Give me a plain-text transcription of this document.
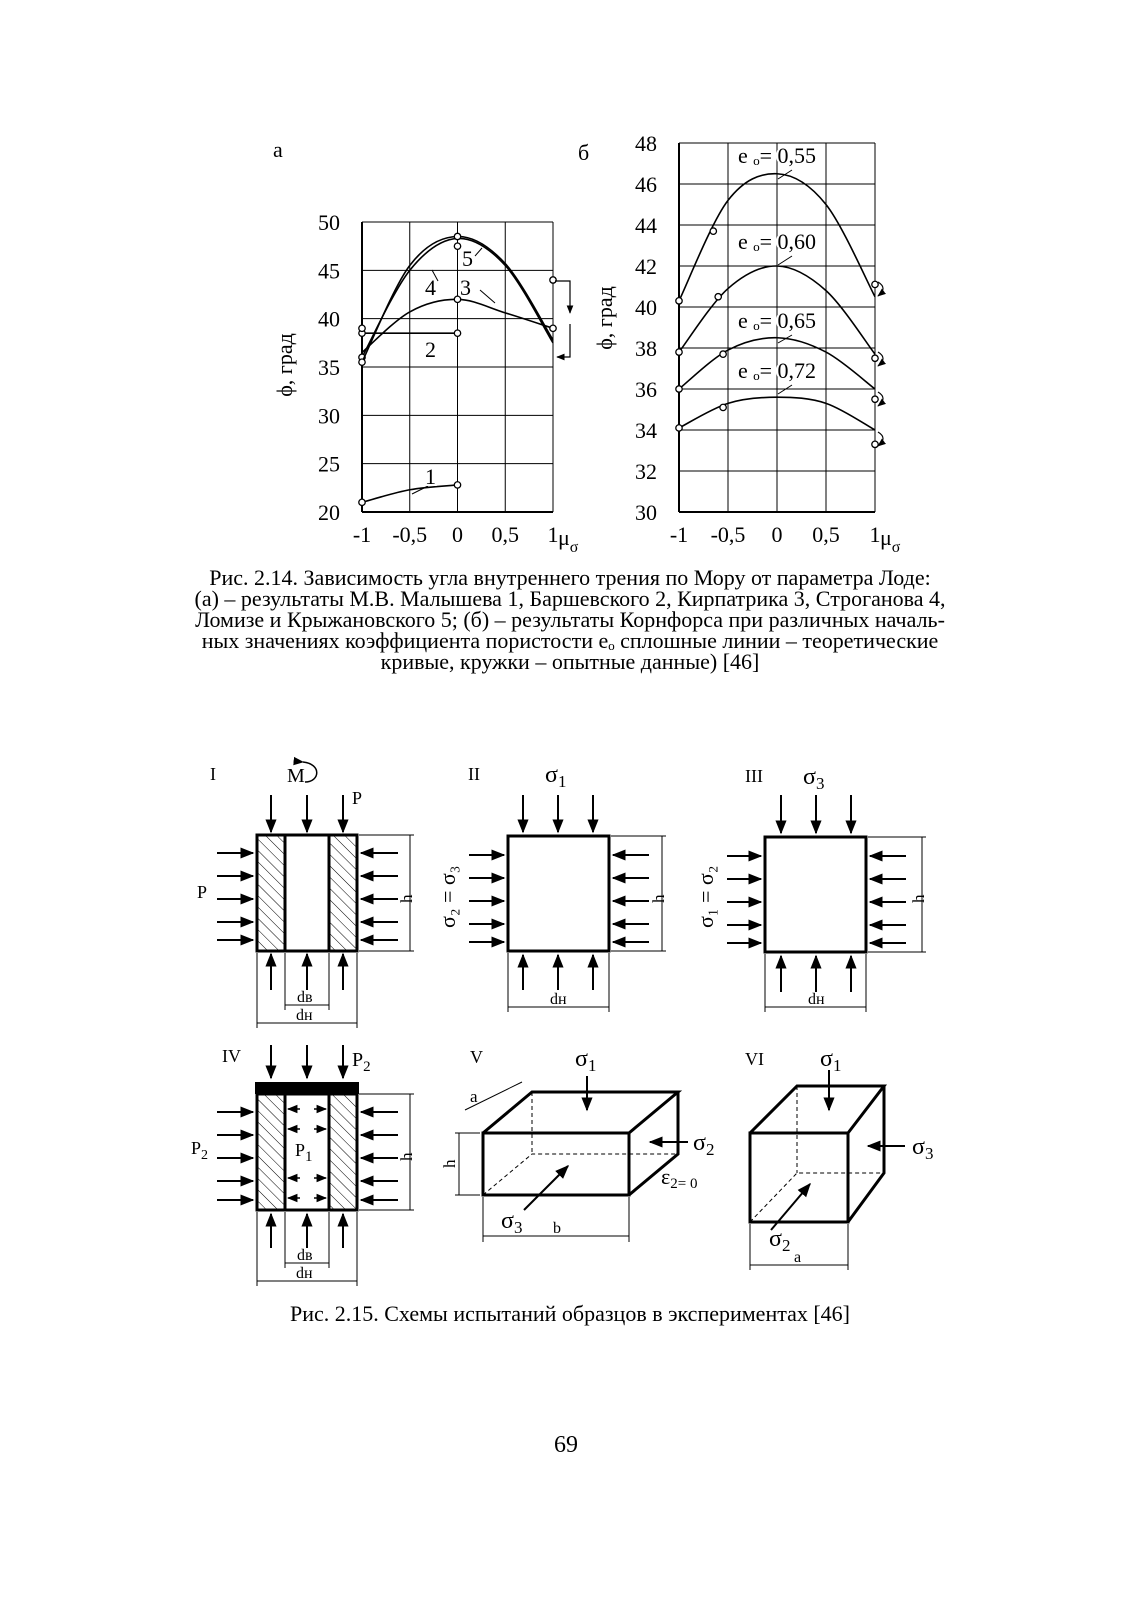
а
-1 -0,5 0 0,5 1
20
25
30
35
40
45
50
1
2
3
4
5
ϕ, град
$\mu_\sigma$
б
-1 -0,5 0 0,5 1
30
32
34
36
38
40
42
44
46
48	e ₒ= 0,55
e ₒ= 0,60
e ₒ= 0,65
e ₒ= 0,72
ϕ, град
$\mu_\sigma$
Рис. 2.14. Зависимость угла внутреннего трения по Мору от параметра Лоде:
(а) – результаты М.В. Малышева 1, Баршевского 2, Кирпатрика 3, Строганова 4,
Ломизе и Крыжановского 5; (б) – результаты Корнфорса при различных началь-
ных значениях коэффициента пористости eₒ сплошные линии – теоретические
кривые, кружки – опытные данные) [46]
I	M
P
P	h
dв
dн
II	$\sigma_1$
σ₂ = σ₃	h
dн
III $\sigma_3$
σ₁ = σ₂	h
dн
IV	$P_2$
$P_2$	$P_1$	h
dв
dн
V	$\sigma_1$
$\sigma_2$
ε2= 0
$\sigma_3$ b
h
a
VI $\sigma_1$
$\sigma_3$
$\sigma_2$
a
Рис. 2.15. Схемы испытаний образцов в экспериментах [46]
69
